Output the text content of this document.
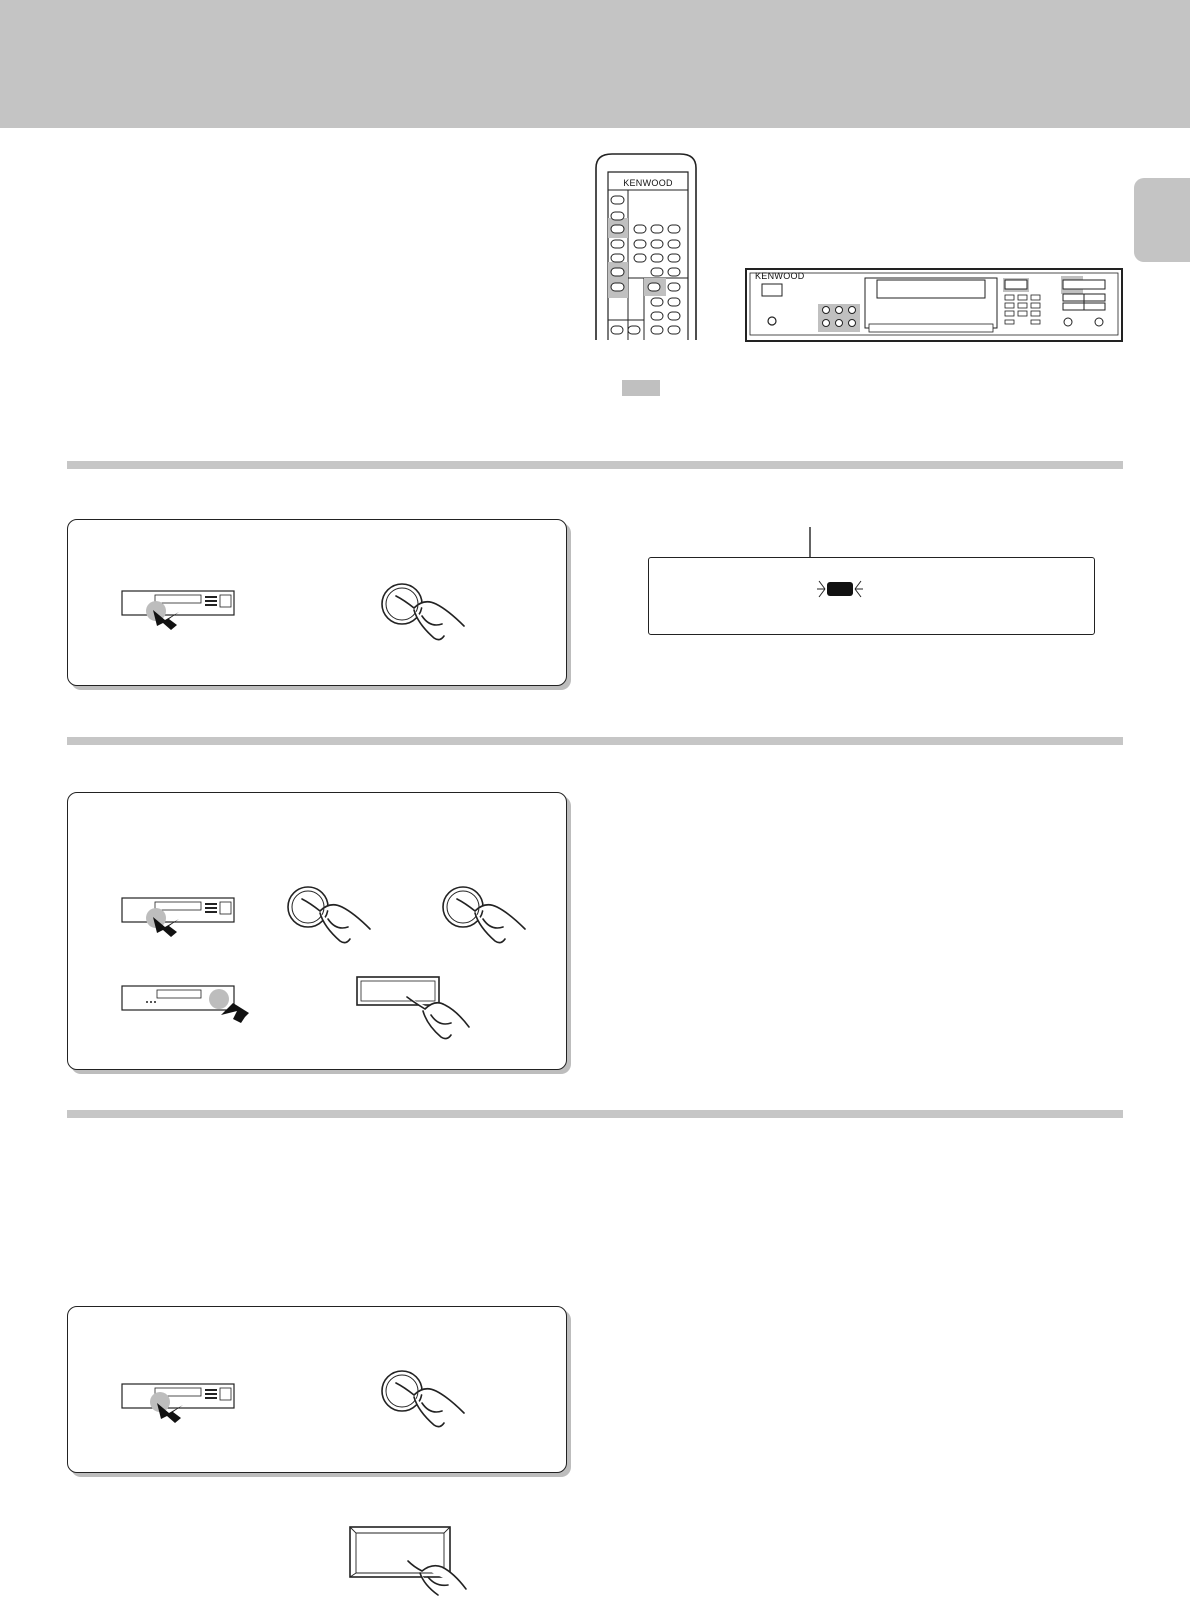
KENWOOD
KENWOOD
